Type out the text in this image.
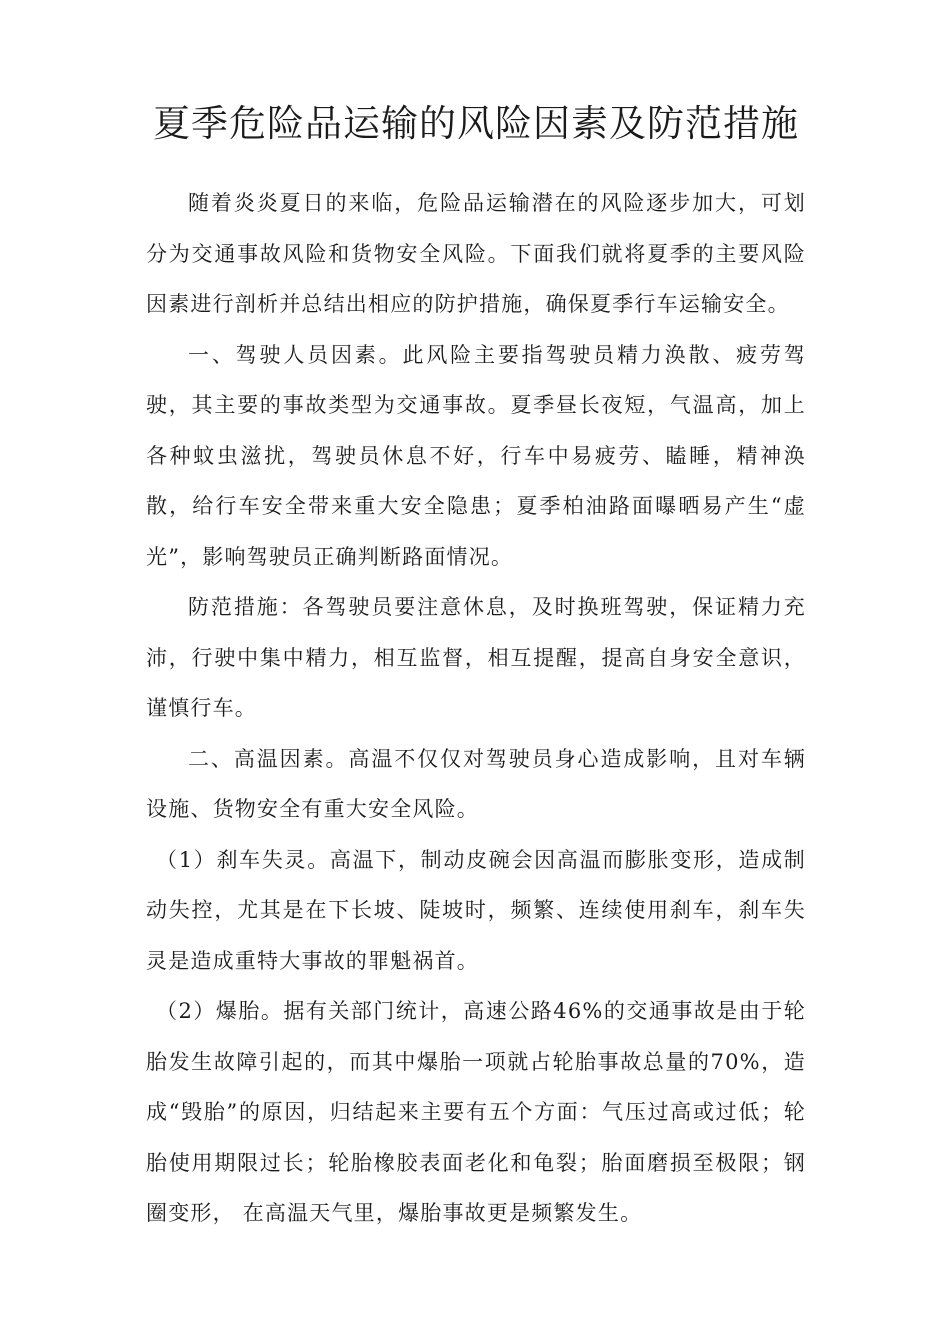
夏季危险品运输的风险因素及防范措施

随着炎炎夏日的来临，危险品运输潜在的风险逐步加大，可划分为交通事故风险和货物安全风险。下面我们就将夏季的主要风险因素进行剖析并总结出相应的防护措施，确保夏季行车运输安全。

一、驾驶人员因素。此风险主要指驾驶员精力涣散、疲劳驾驶，其主要的事故类型为交通事故。夏季昼长夜短，气温高，加上各种蚊虫滋扰，驾驶员休息不好，行车中易疲劳、瞌睡，精神涣散，给行车安全带来重大安全隐患；夏季柏油路面曝晒易产生“虚光”，影响驾驶员正确判断路面情况。

防范措施：各驾驶员要注意休息，及时换班驾驶，保证精力充沛，行驶中集中精力，相互监督，相互提醒，提高自身安全意识，谨慎行车。

二、高温因素。高温不仅仅对驾驶员身心造成影响，且对车辆设施、货物安全有重大安全风险。

（1）刹车失灵。高温下，制动皮碗会因高温而膨胀变形，造成制动失控，尤其是在下长坡、陡坡时，频繁、连续使用刹车，刹车失灵是造成重特大事故的罪魁祸首。

（2）爆胎。据有关部门统计，高速公路46%的交通事故是由于轮胎发生故障引起的，而其中爆胎一项就占轮胎事故总量的70%，造成“毁胎”的原因，归结起来主要有五个方面：气压过高或过低；轮胎使用期限过长；轮胎橡胶表面老化和龟裂；胎面磨损至极限；钢圈变形， 在高温天气里，爆胎事故更是频繁发生。
